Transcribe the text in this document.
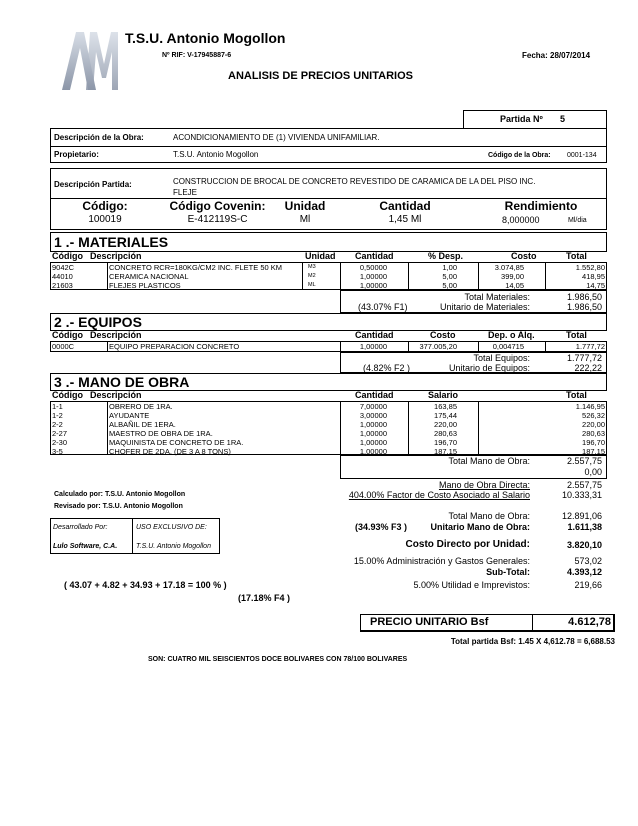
T.S.U. Antonio Mogollon
Nº RIF: V-17945887-6	Fecha: 28/07/2014
ANALISIS DE PRECIOS UNITARIOS
Partida Nº 5
Descripción de la Obra:	ACONDICIONAMIENTO DE (1) VIVIENDA UNIFAMILIAR.
Propietario:	T.S.U. Antonio Mogollon	Código de la Obra: 0001-134
Descripción Partida:	CONSTRUCCION DE BROCAL DE CONCRETO REVESTIDO DE CARAMICA DE LA DEL PISO INC.
FLEJE
Código:	Código Covenin:	Unidad	Cantidad	Rendimiento
100019	E-412119S-C	Ml	1,45 Ml	8,000000	Ml/dia
1 .- MATERIALES
Código Descripción	Unidad Cantidad	% Desp.	Costo	Total
9042C	CONCRETO RCR=180KG/CM2 INC. FLETE 50 KM	M3	0,50000	1,00	3.074,85	1.552,80
44010	CERAMICA NACIONAL	M2	1,00000	5,00	399,00	418,95
21603	FLEJES PLASTICOS	ML	1,00000	5,00	14,05	14,75
Total Materiales:	1.986,50
(43.07% F1)	Unitario de Materiales:	1.986,50
2 .- EQUIPOS
Código Descripción	Cantidad	Costo	Dep. o Alq.	Total
0000C	EQUIPO PREPARACION CONCRETO	1,00000	377.005,20	0,004715	1.777,72
Total Equipos:	1.777,72
(4.82% F2 )	Unitario de Equipos:	222,22
3 .- MANO DE OBRA
Código Descripción	Cantidad	Salario	Total
1-1	OBRERO DE 1RA.	7,00000	163,85	1.146,95
1-2	AYUDANTE	3,00000	175,44	526,32
2-2	ALBAÑIL DE 1ERA.	1,00000	220,00	220,00
2-27	MAESTRO DE OBRA DE 1RA.	1,00000	280,63	280,63
2-30	MAQUINISTA DE CONCRETO DE 1RA.	1,00000	196,70	196,70
3-5	CHOFER DE 2DA. (DE 3 A 8 TONS)	1,00000	187,15	187,15
Total Mano de Obra:	2.557,75
0,00
Mano de Obra Directa:	2.557,75
404.00% Factor de Costo Asociado al Salario	10.333,31
Calculado por: T.S.U. Antonio Mogollon
Revisado por: T.S.U. Antonio Mogollon
Total Mano de Obra:	12.891,06
(34.93% F3 )	Unitario Mano de Obra:	1.611,38
Desarrollado Por:	USO EXCLUSIVO DE:
Lulo Software, C.A.	T.S.U. Antonio Mogollon	Costo Directo por Unidad:	3.820,10
15.00% Administración y Gastos Generales:	573,02
Sub-Total:	4.393,12
( 43.07 + 4.82 + 34.93 + 17.18 = 100 % )	5.00% Utilidad e Imprevistos:	219,66
(17.18% F4 )
PRECIO UNITARIO Bsf	4.612,78
Total partida Bsf: 1.45 X 4,612.78 = 6,688.53
SON: CUATRO MIL SEISCIENTOS DOCE BOLIVARES CON 78/100 BOLIVARES
